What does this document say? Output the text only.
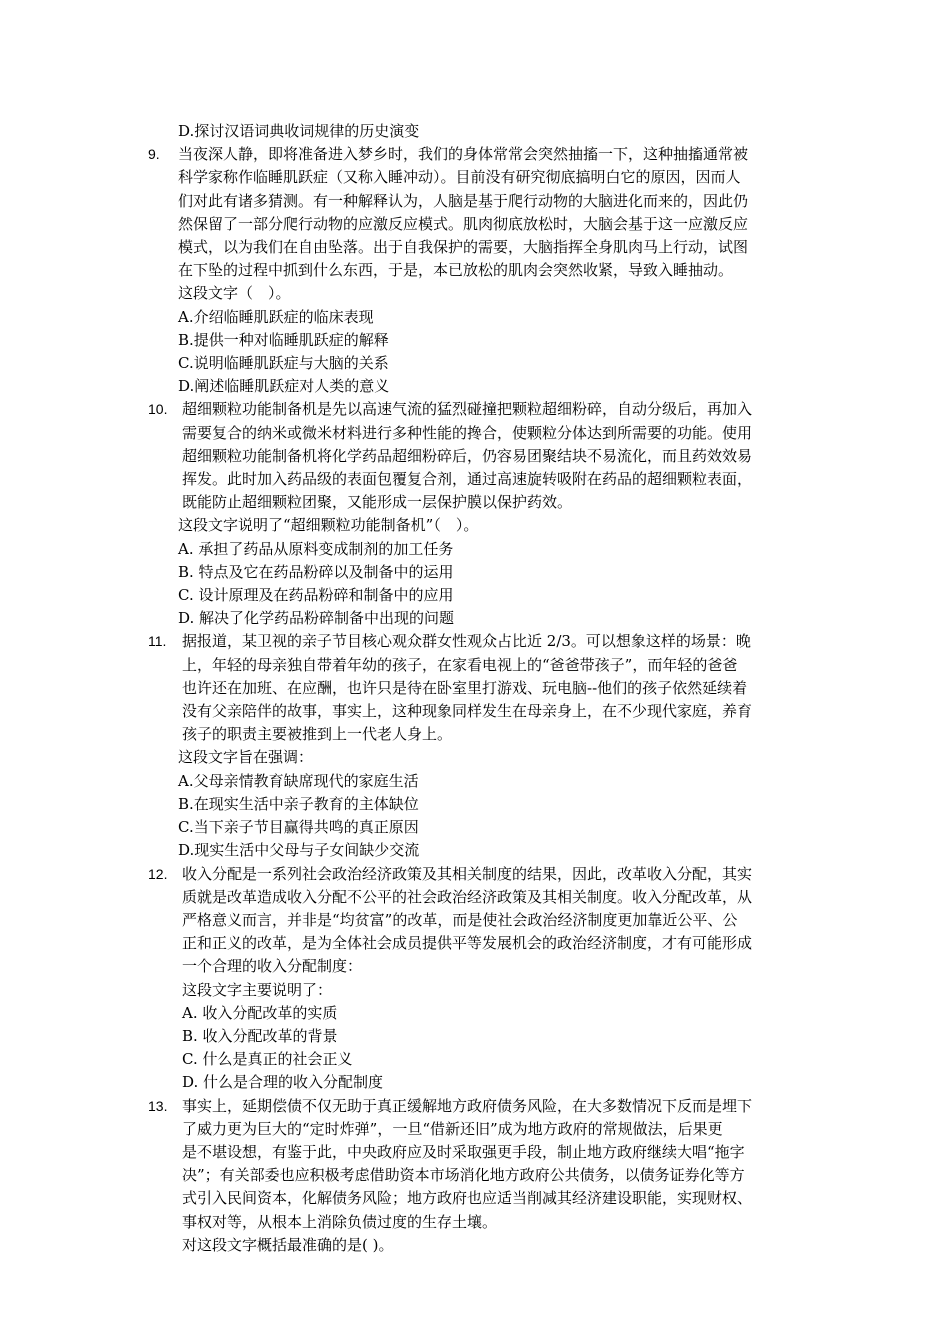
D.探讨汉语词典收词规律的历史演变
9. 当夜深人静，即将准备进入梦乡时，我们的身体常常会突然抽搐一下，这种抽搐通常被
科学家称作临睡肌跃症（又称入睡冲动）。目前没有研究彻底搞明白它的原因，因而人
们对此有诸多猜测。有一种解释认为，人脑是基于爬行动物的大脑进化而来的，因此仍
然保留了一部分爬行动物的应激反应模式。肌肉彻底放松时，大脑会基于这一应激反应
模式，以为我们在自由坠落。出于自我保护的需要，大脑指挥全身肌肉马上行动，试图
在下坠的过程中抓到什么东西，于是，本已放松的肌肉会突然收紧，导致入睡抽动。
这段文字（　）。
A.介绍临睡肌跃症的临床表现
B.提供一种对临睡肌跃症的解释
C.说明临睡肌跃症与大脑的关系
D.阐述临睡肌跃症对人类的意义
10. 超细颗粒功能制备机是先以高速气流的猛烈碰撞把颗粒超细粉碎，自动分级后，再加入
需要复合的纳米或微米材料进行多种性能的搀合，使颗粒分体达到所需要的功能。使用
超细颗粒功能制备机将化学药品超细粉碎后，仍容易团聚结块不易流化，而且药效效易
挥发。此时加入药品级的表面包覆复合剂，通过高速旋转吸附在药品的超细颗粒表面，
既能防止超细颗粒团聚，又能形成一层保护膜以保护药效。
这段文字说明了“超细颗粒功能制备机”（　）。
A. 承担了药品从原料变成制剂的加工任务
B. 特点及它在药品粉碎以及制备中的运用
C. 设计原理及在药品粉碎和制备中的应用
D. 解决了化学药品粉碎制备中出现的问题
11. 据报道，某卫视的亲子节目核心观众群女性观众占比近 2/3。可以想象这样的场景：晚
上，年轻的母亲独自带着年幼的孩子，在家看电视上的“爸爸带孩子”，而年轻的爸爸
也许还在加班、在应酬，也许只是待在卧室里打游戏、玩电脑--他们的孩子依然延续着
没有父亲陪伴的故事，事实上，这种现象同样发生在母亲身上，在不少现代家庭，养育
孩子的职责主要被推到上一代老人身上。
这段文字旨在强调：
A.父母亲情教育缺席现代的家庭生活
B.在现实生活中亲子教育的主体缺位
C.当下亲子节目赢得共鸣的真正原因
D.现实生活中父母与子女间缺少交流
12. 收入分配是一系列社会政治经济政策及其相关制度的结果，因此，改革收入分配，其实
质就是改革造成收入分配不公平的社会政治经济政策及其相关制度。收入分配改革，从
严格意义而言，并非是“均贫富”的改革，而是使社会政治经济制度更加靠近公平、公
正和正义的改革，是为全体社会成员提供平等发展机会的政治经济制度，才有可能形成
一个合理的收入分配制度：
这段文字主要说明了：
A. 收入分配改革的实质
B. 收入分配改革的背景
C. 什么是真正的社会正义
D. 什么是合理的收入分配制度
13. 事实上，延期偿债不仅无助于真正缓解地方政府债务风险，在大多数情况下反而是埋下
了威力更为巨大的“定时炸弹”，一旦“借新还旧”成为地方政府的常规做法，后果更
是不堪设想，有鉴于此，中央政府应及时采取强更手段，制止地方政府继续大唱“拖字
决”；有关部委也应积极考虑借助资本市场消化地方政府公共债务，以债务证券化等方
式引入民间资本，化解债务风险；地方政府也应适当削减其经济建设职能，实现财权、
事权对等，从根本上消除负债过度的生存土壤。
对这段文字概括最准确的是( )。
